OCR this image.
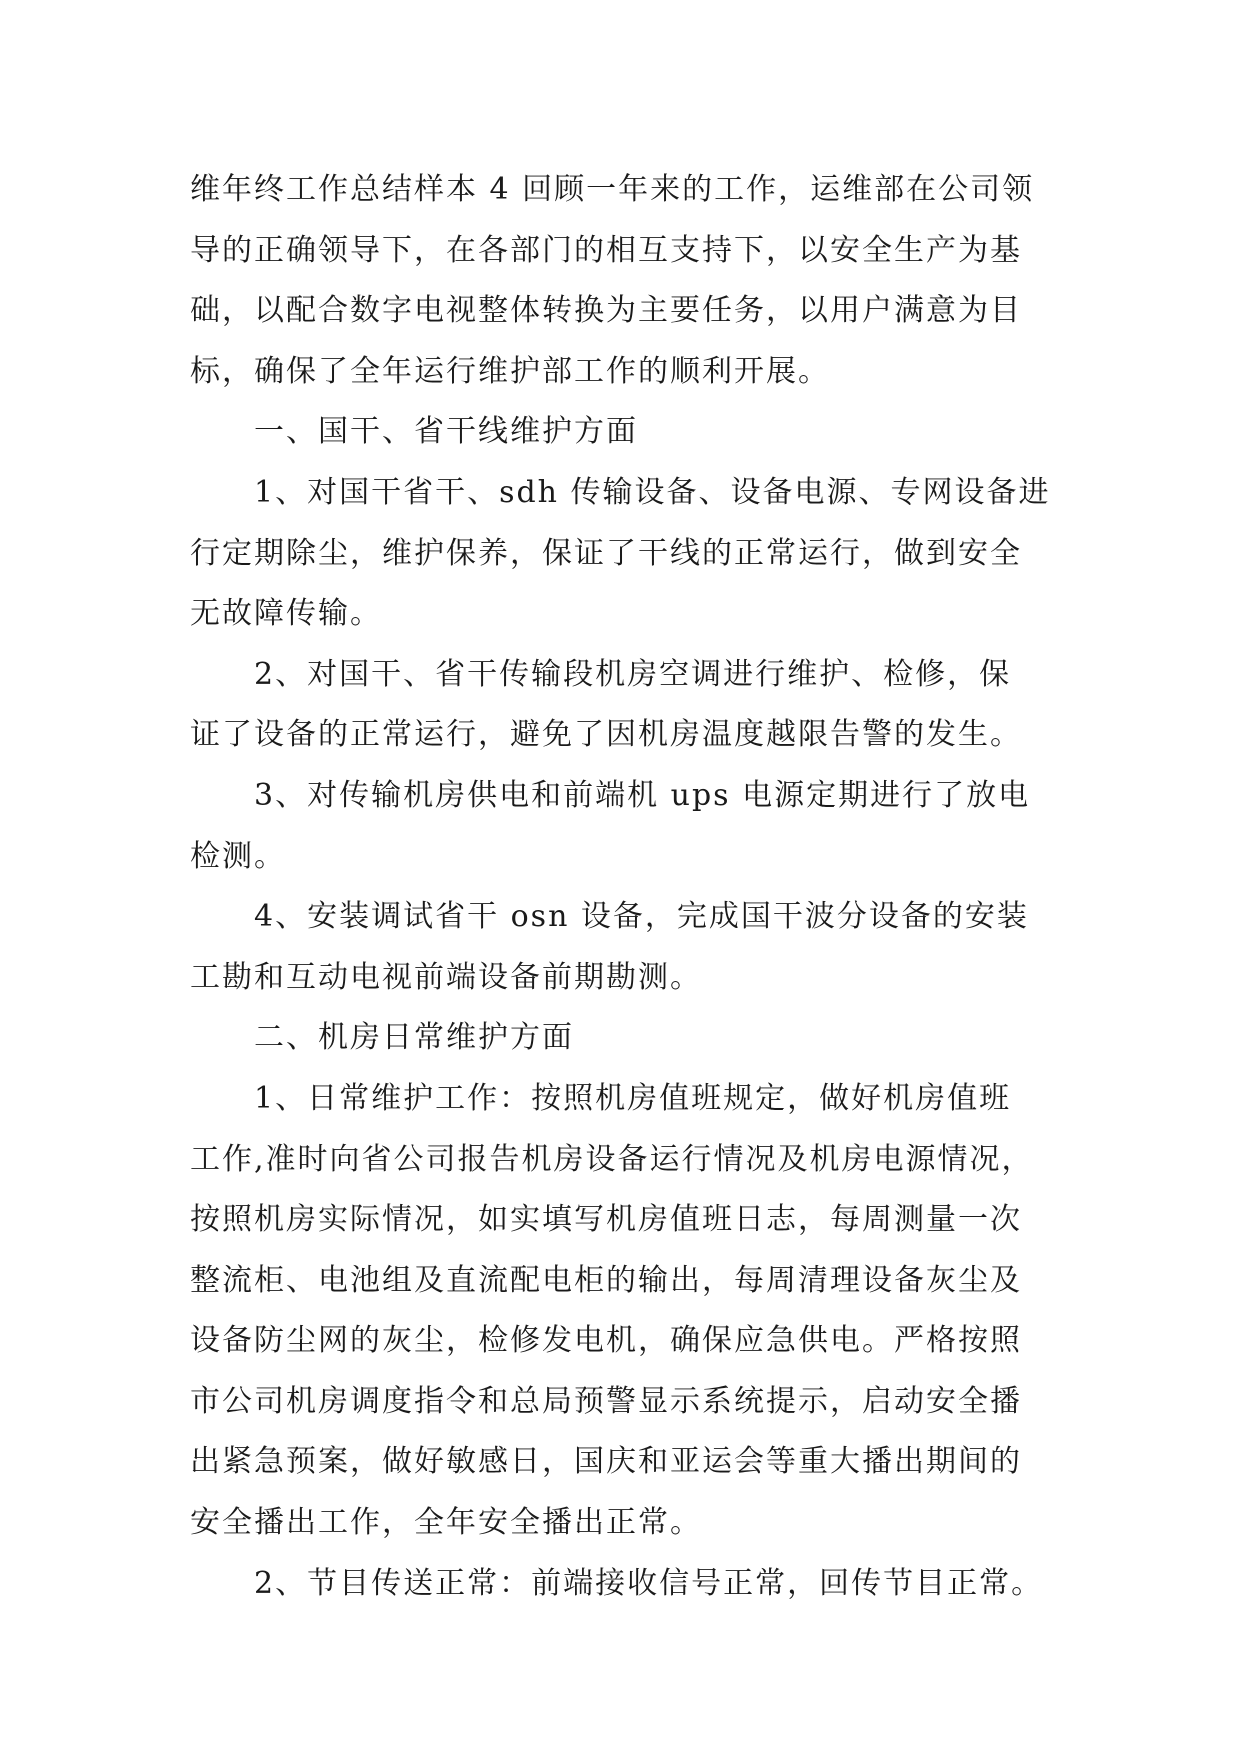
维年终工作总结样本 4 回顾一年来的工作，运维部在公司领
导的正确领导下，在各部门的相互支持下，以安全生产为基
础，以配合数字电视整体转换为主要任务，以用户满意为目
标，确保了全年运行维护部工作的顺利开展。
一、国干、省干线维护方面
1、对国干省干、sdh 传输设备、设备电源、专网设备进
行定期除尘，维护保养，保证了干线的正常运行，做到安全
无故障传输。
2、对国干、省干传输段机房空调进行维护、检修，保
证了设备的正常运行，避免了因机房温度越限告警的发生。
3、对传输机房供电和前端机 ups 电源定期进行了放电
检测。
4、安装调试省干 osn 设备，完成国干波分设备的安装
工勘和互动电视前端设备前期勘测。
二、机房日常维护方面
1、日常维护工作：按照机房值班规定，做好机房值班
工作,准时向省公司报告机房设备运行情况及机房电源情况，
按照机房实际情况，如实填写机房值班日志，每周测量一次
整流柜、电池组及直流配电柜的输出，每周清理设备灰尘及
设备防尘网的灰尘，检修发电机，确保应急供电。严格按照
市公司机房调度指令和总局预警显示系统提示，启动安全播
出紧急预案，做好敏感日，国庆和亚运会等重大播出期间的
安全播出工作，全年安全播出正常。
2、节目传送正常：前端接收信号正常，回传节目正常。
